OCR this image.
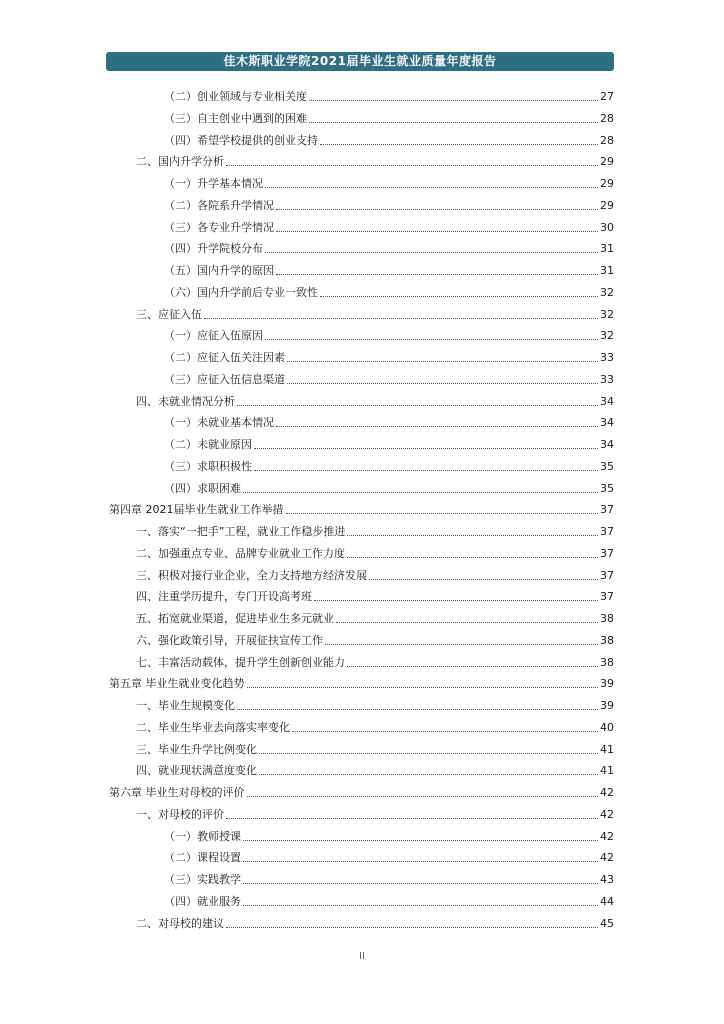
佳木斯职业学院2021届毕业生就业质量年度报告
（二）创业领域与专业相关度	27
（三）自主创业中遇到的困难	28
（四）希望学校提供的创业支持	28
二、国内升学分析	29
（一）升学基本情况	29
（二）各院系升学情况	29
（三）各专业升学情况	30
（四）升学院校分布	31
（五）国内升学的原因	31
（六）国内升学前后专业一致性	32
三、应征入伍	32
（一）应征入伍原因	32
（二）应征入伍关注因素	33
（三）应征入伍信息渠道	33
四、未就业情况分析	34
（一）未就业基本情况	34
（二）未就业原因	34
（三）求职积极性	35
（四）求职困难	35
第四章 2021届毕业生就业工作举措	37
一、落实“一把手”工程，就业工作稳步推进	37
二、加强重点专业、品牌专业就业工作力度	37
三、积极对接行业企业，全力支持地方经济发展	37
四、注重学历提升，专门开设高考班	37
五、拓宽就业渠道，促进毕业生多元就业	38
六、强化政策引导，开展征扶宣传工作	38
七、丰富活动载体，提升学生创新创业能力	38
第五章 毕业生就业变化趋势	39
一、毕业生规模变化	39
二、毕业生毕业去向落实率变化	40
三、毕业生升学比例变化	41
四、就业现状满意度变化	41
第六章 毕业生对母校的评价	42
一、对母校的评价	42
（一）教师授课	42
（二）课程设置	42
（三）实践教学	43
（四）就业服务	44
二、对母校的建议	45
II
